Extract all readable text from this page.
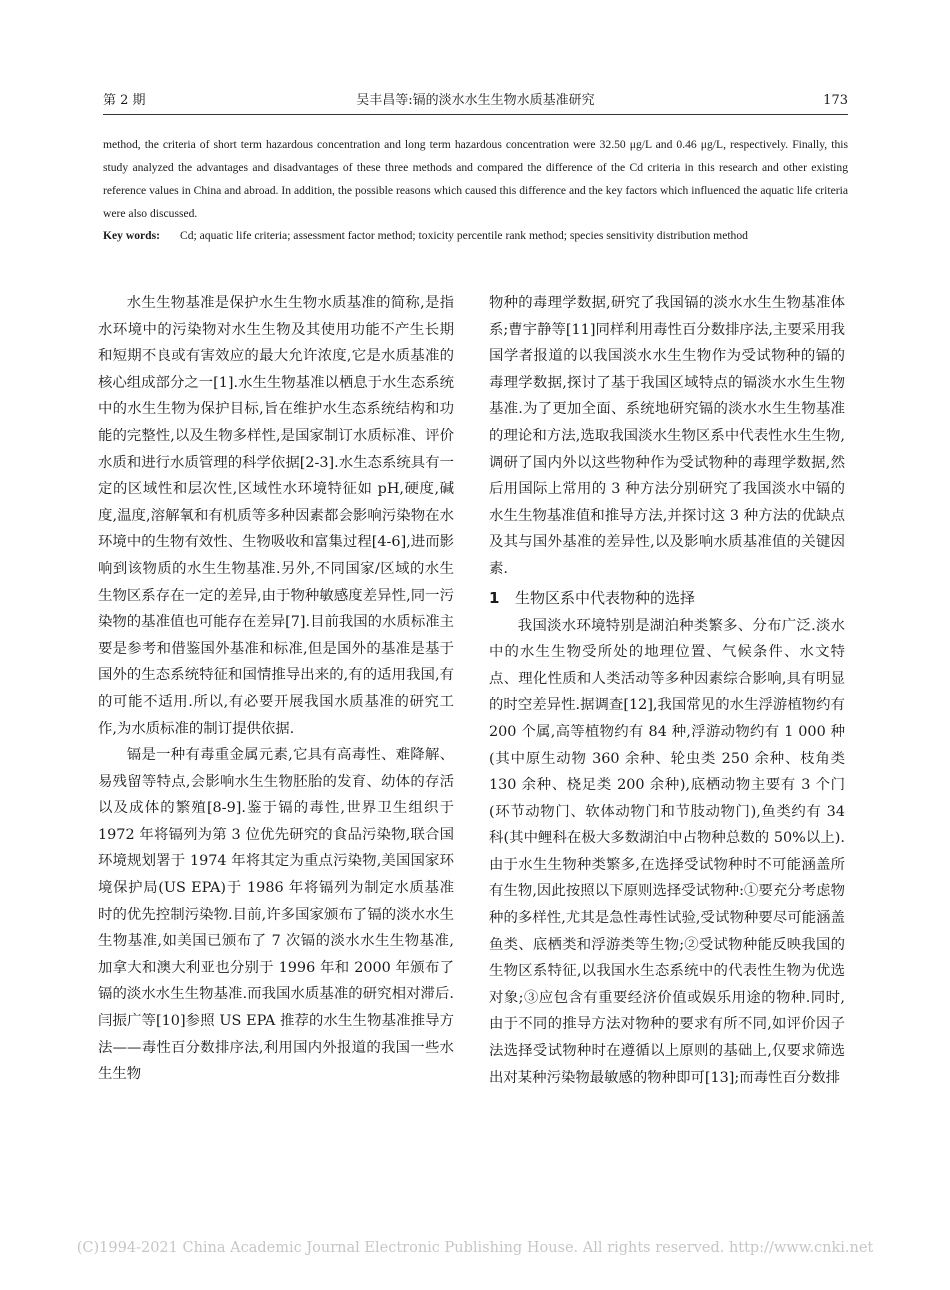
第 2 期	吴丰昌等:镉的淡水水生生物水质基准研究	173
method, the criteria of short term hazardous concentration and long term hazardous concentration were 32.50 μg/L and 0.46 μg/L, respectively. Finally, this study analyzed the advantages and disadvantages of these three methods and compared the difference of the Cd criteria in this research and other existing reference values in China and abroad. In addition, the possible reasons which caused this difference and the key factors which influenced the aquatic life criteria were also discussed.
Key words: Cd; aquatic life criteria; assessment factor method; toxicity percentile rank method; species sensitivity distribution method

水生生物基准是保护水生生物水质基准的简称,是指水环境中的污染物对水生生物及其使用功能不产生长期和短期不良或有害效应的最大允许浓度,它是水质基准的核心组成部分之一[1].水生生物基准以栖息于水生态系统中的水生生物为保护目标,旨在维护水生态系统结构和功能的完整性,以及生物多样性,是国家制订水质标准、评价水质和进行水质管理的科学依据[2-3].水生态系统具有一定的区域性和层次性,区域性水环境特征如 pH,硬度,碱度,温度,溶解氧和有机质等多种因素都会影响污染物在水环境中的生物有效性、生物吸收和富集过程[4-6],进而影响到该物质的水生生物基准.另外,不同国家/区域的水生生物区系存在一定的差异,由于物种敏感度差异性,同一污染物的基准值也可能存在差异[7].目前我国的水质标准主要是参考和借鉴国外基准和标准,但是国外的基准是基于国外的生态系统特征和国情推导出来的,有的适用我国,有的可能不适用.所以,有必要开展我国水质基准的研究工作,为水质标准的制订提供依据.

镉是一种有毒重金属元素,它具有高毒性、难降解、易残留等特点,会影响水生生物胚胎的发育、幼体的存活以及成体的繁殖[8-9].鉴于镉的毒性,世界卫生组织于 1972 年将镉列为第 3 位优先研究的食品污染物,联合国环境规划署于 1974 年将其定为重点污染物,美国国家环境保护局(US EPA)于 1986 年将镉列为制定水质基准时的优先控制污染物.目前,许多国家颁布了镉的淡水水生生物基准,如美国已颁布了 7 次镉的淡水水生生物基准,加拿大和澳大利亚也分别于 1996 年和 2000 年颁布了镉的淡水水生生物基准.而我国水质基准的研究相对滞后.闫振广等[10]参照 US EPA 推荐的水生生物基准推导方法——毒性百分数排序法,利用国内外报道的我国一些水生生物

物种的毒理学数据,研究了我国镉的淡水水生生物基准体系;曹宇静等[11]同样利用毒性百分数排序法,主要采用我国学者报道的以我国淡水水生生物作为受试物种的镉的毒理学数据,探讨了基于我国区域特点的镉淡水水生生物基准.为了更加全面、系统地研究镉的淡水水生生物基准的理论和方法,选取我国淡水生物区系中代表性水生生物,调研了国内外以这些物种作为受试物种的毒理学数据,然后用国际上常用的 3 种方法分别研究了我国淡水中镉的水生生物基准值和推导方法,并探讨这 3 种方法的优缺点及其与国外基准的差异性,以及影响水质基准值的关键因素.

1 生物区系中代表物种的选择

我国淡水环境特别是湖泊种类繁多、分布广泛.淡水中的水生生物受所处的地理位置、气候条件、水文特点、理化性质和人类活动等多种因素综合影响,具有明显的时空差异性.据调查[12],我国常见的水生浮游植物约有 200 个属,高等植物约有 84 种,浮游动物约有 1 000 种(其中原生动物 360 余种、轮虫类 250 余种、枝角类 130 余种、桡足类 200 余种),底栖动物主要有 3 个门(环节动物门、软体动物门和节肢动物门),鱼类约有 34 科(其中鲤科在极大多数湖泊中占物种总数的 50%以上).由于水生生物种类繁多,在选择受试物种时不可能涵盖所有生物,因此按照以下原则选择受试物种:①要充分考虑物种的多样性,尤其是急性毒性试验,受试物种要尽可能涵盖鱼类、底栖类和浮游类等生物;②受试物种能反映我国的生物区系特征,以我国水生态系统中的代表性生物为优选对象;③应包含有重要经济价值或娱乐用途的物种.同时,由于不同的推导方法对物种的要求有所不同,如评价因子法选择受试物种时在遵循以上原则的基础上,仅要求筛选出对某种污染物最敏感的物种即可[13];而毒性百分数排

(C)1994-2021 China Academic Journal Electronic Publishing House. All rights reserved. http://www.cnki.net
